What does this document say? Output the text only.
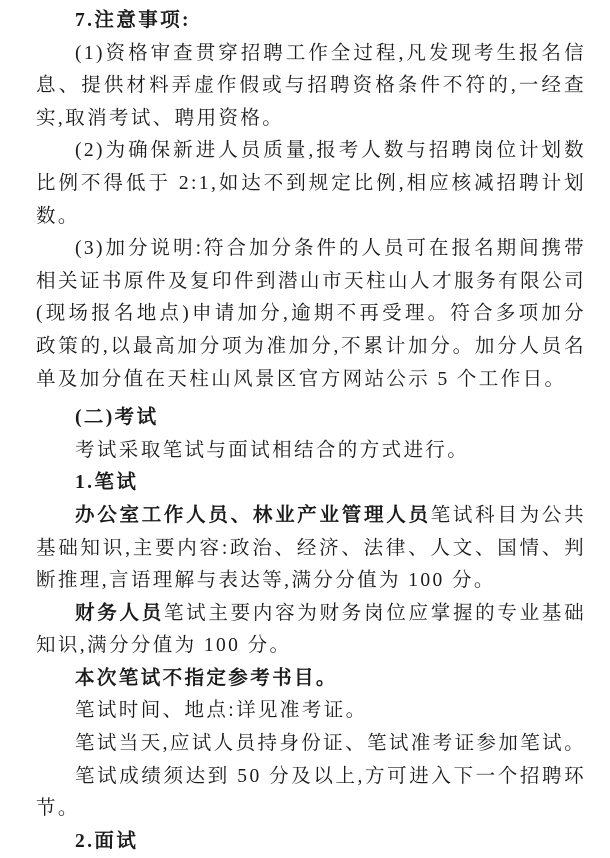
7.注意事项:

(1)资格审查贯穿招聘工作全过程,凡发现考生报名信息、提供材料弄虚作假或与招聘资格条件不符的,一经查实,取消考试、聘用资格。

(2)为确保新进人员质量,报考人数与招聘岗位计划数比例不得低于 2:1,如达不到规定比例,相应核减招聘计划数。

(3)加分说明:符合加分条件的人员可在报名期间携带相关证书原件及复印件到潜山市天柱山人才服务有限公司(现场报名地点)申请加分,逾期不再受理。符合多项加分政策的,以最高加分项为准加分,不累计加分。加分人员名单及加分值在天柱山风景区官方网站公示 5 个工作日。

(二)考试

考试采取笔试与面试相结合的方式进行。

1.笔试

办公室工作人员、林业产业管理人员笔试科目为公共基础知识,主要内容:政治、经济、法律、人文、国情、判断推理,言语理解与表达等,满分分值为 100 分。

财务人员笔试主要内容为财务岗位应掌握的专业基础知识,满分分值为 100 分。

本次笔试不指定参考书目。

笔试时间、地点:详见准考证。

笔试当天,应试人员持身份证、笔试准考证参加笔试。

笔试成绩须达到 50 分及以上,方可进入下一个招聘环节。

2.面试
